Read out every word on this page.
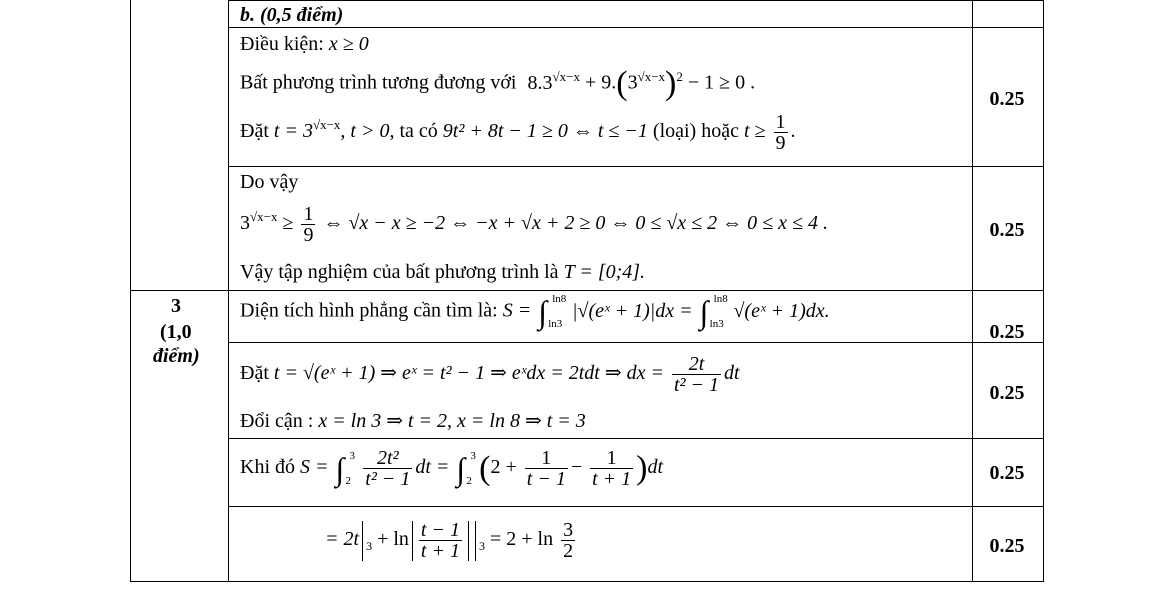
b. (0,5 điểm)
Điều kiện: x ≥ 0
Bất phương trình tương đương với $8.3^{√x-x} + 9.(3^{√x-x})^2 - 1 \ge 0$ .
Đặt $t = 3^{√x-x}$, t > 0, ta có 9t² + 8t − 1 ≥ 0 ⇔ t ≤ −1 (loại) hoặc $t \ge \frac{1}{9}$ .
0.25
Do vậy
$3^{√x-x} \ge \frac{1}{9}$ ⇔ √x − x ≥ −2 ⇔ −x + √x + 2 ≥ 0 ⇔ 0 ≤ √x ≤ 2 ⇔ 0 ≤ x ≤ 4 .
Vậy tập nghiệm của bất phương trình là T = [0;4].
0.25
3
(1,0
điểm)
Diện tích hình phẳng cần tìm là: S = ∫ ln8
ln3
|√(eˣ + 1)|dx = ∫ ln8
ln3
√(eˣ + 1)dx.
0.25
Đặt t = √(eˣ + 1) ⇒ eˣ = t² − 1 ⇒ eˣdx = 2tdt ⇒ dx = $\frac{2t}{\text{t² − 1}}$ dt
Đổi cận : x = ln 3 ⇒ t = 2, x = ln 8 ⇒ t = 3
0.25
Khi đó S = ∫ 3
2
$\frac{\text{2t²}}{\text{t² − 1}}$ dt = ∫ 3
2 $(2 + \frac{1}{t - 1} - \frac{1}{t + 1} )dt$	0.25
= 2t $_3 + \ln \frac{t - 1}{t + 1} _3 = 2 + \ln \frac{3}{2}$	0.25
